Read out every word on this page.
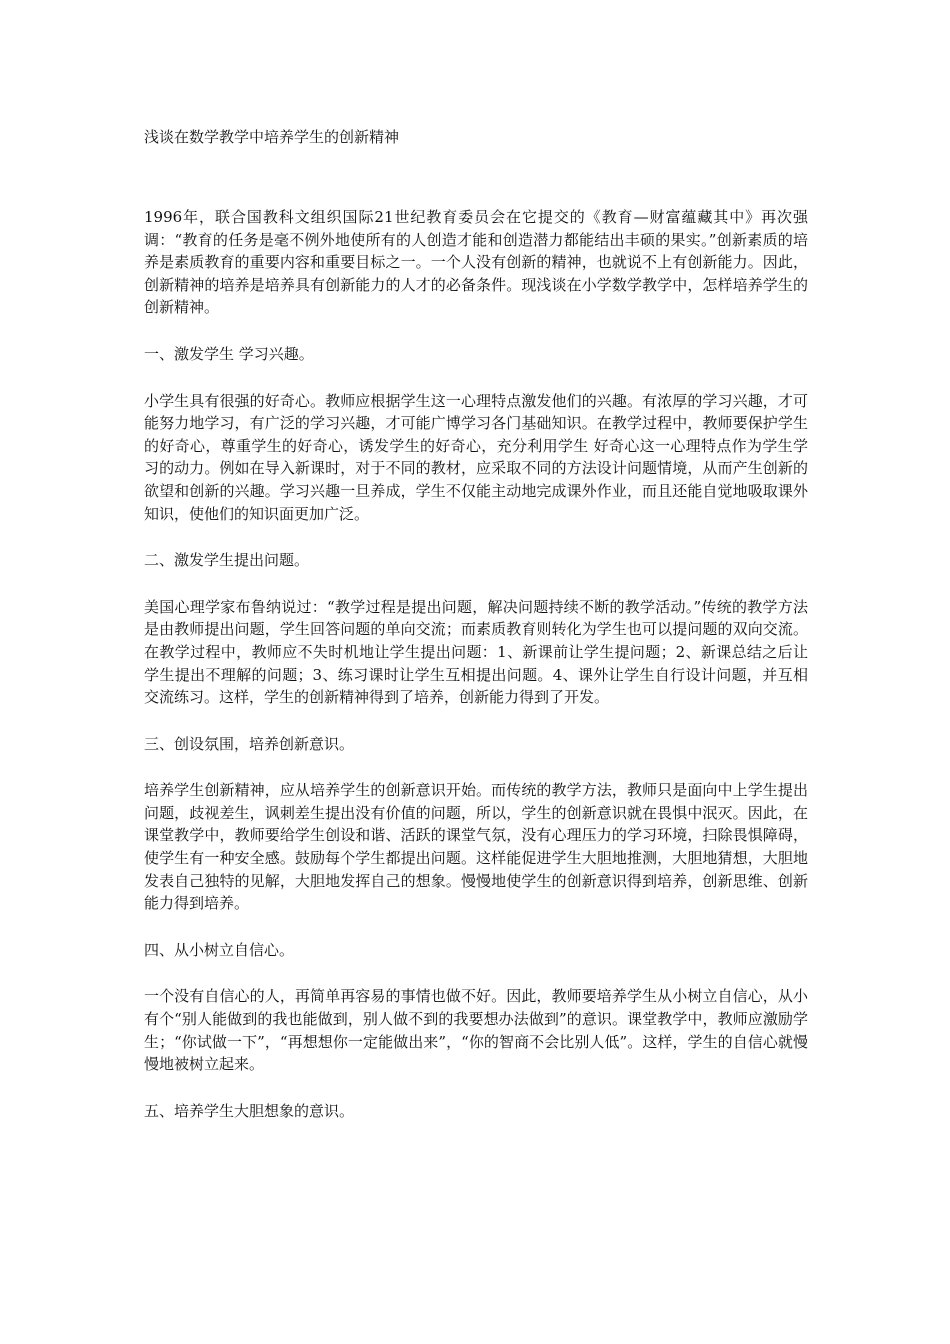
浅谈在数学教学中培养学生的创新精神

1996年，联合国教科文组织国际21世纪教育委员会在它提交的《教育—财富蕴藏其中》再次强调：“教育的任务是毫不例外地使所有的人创造才能和创造潜力都能结出丰硕的果实。”创新素质的培养是素质教育的重要内容和重要目标之一。一个人没有创新的精神，也就说不上有创新能力。因此，创新精神的培养是培养具有创新能力的人才的必备条件。现浅谈在小学数学教学中，怎样培养学生的创新精神。

一、激发学生 学习兴趣。

小学生具有很强的好奇心。教师应根据学生这一心理特点激发他们的兴趣。有浓厚的学习兴趣，才可能努力地学习，有广泛的学习兴趣，才可能广博学习各门基础知识。在教学过程中，教师要保护学生的好奇心，尊重学生的好奇心，诱发学生的好奇心，充分利用学生 好奇心这一心理特点作为学生学习的动力。例如在导入新课时，对于不同的教材，应采取不同的方法设计问题情境，从而产生创新的欲望和创新的兴趣。学习兴趣一旦养成，学生不仅能主动地完成课外作业，而且还能自觉地吸取课外知识，使他们的知识面更加广泛。

二、激发学生提出问题。

美国心理学家布鲁纳说过：“教学过程是提出问题，解决问题持续不断的教学活动。”传统的教学方法是由教师提出问题，学生回答问题的单向交流；而素质教育则转化为学生也可以提问题的双向交流。在教学过程中，教师应不失时机地让学生提出问题：1、新课前让学生提问题；2、新课总结之后让学生提出不理解的问题；3、练习课时让学生互相提出问题。4、课外让学生自行设计问题，并互相交流练习。这样，学生的创新精神得到了培养，创新能力得到了开发。

三、创设氛围，培养创新意识。

培养学生创新精神，应从培养学生的创新意识开始。而传统的教学方法，教师只是面向中上学生提出问题，歧视差生，讽刺差生提出没有价值的问题，所以，学生的创新意识就在畏惧中泯灭。因此，在课堂教学中，教师要给学生创设和谐、活跃的课堂气氛，没有心理压力的学习环境，扫除畏惧障碍，使学生有一种安全感。鼓励每个学生都提出问题。这样能促进学生大胆地推测，大胆地猜想，大胆地发表自己独特的见解，大胆地发挥自己的想象。慢慢地使学生的创新意识得到培养，创新思维、创新能力得到培养。

四、从小树立自信心。

一个没有自信心的人，再简单再容易的事情也做不好。因此，教师要培养学生从小树立自信心，从小有个“别人能做到的我也能做到，别人做不到的我要想办法做到”的意识。课堂教学中，教师应激励学生；“你试做一下”，“再想想你一定能做出来”，“你的智商不会比别人低”。这样，学生的自信心就慢慢地被树立起来。

五、培养学生大胆想象的意识。
